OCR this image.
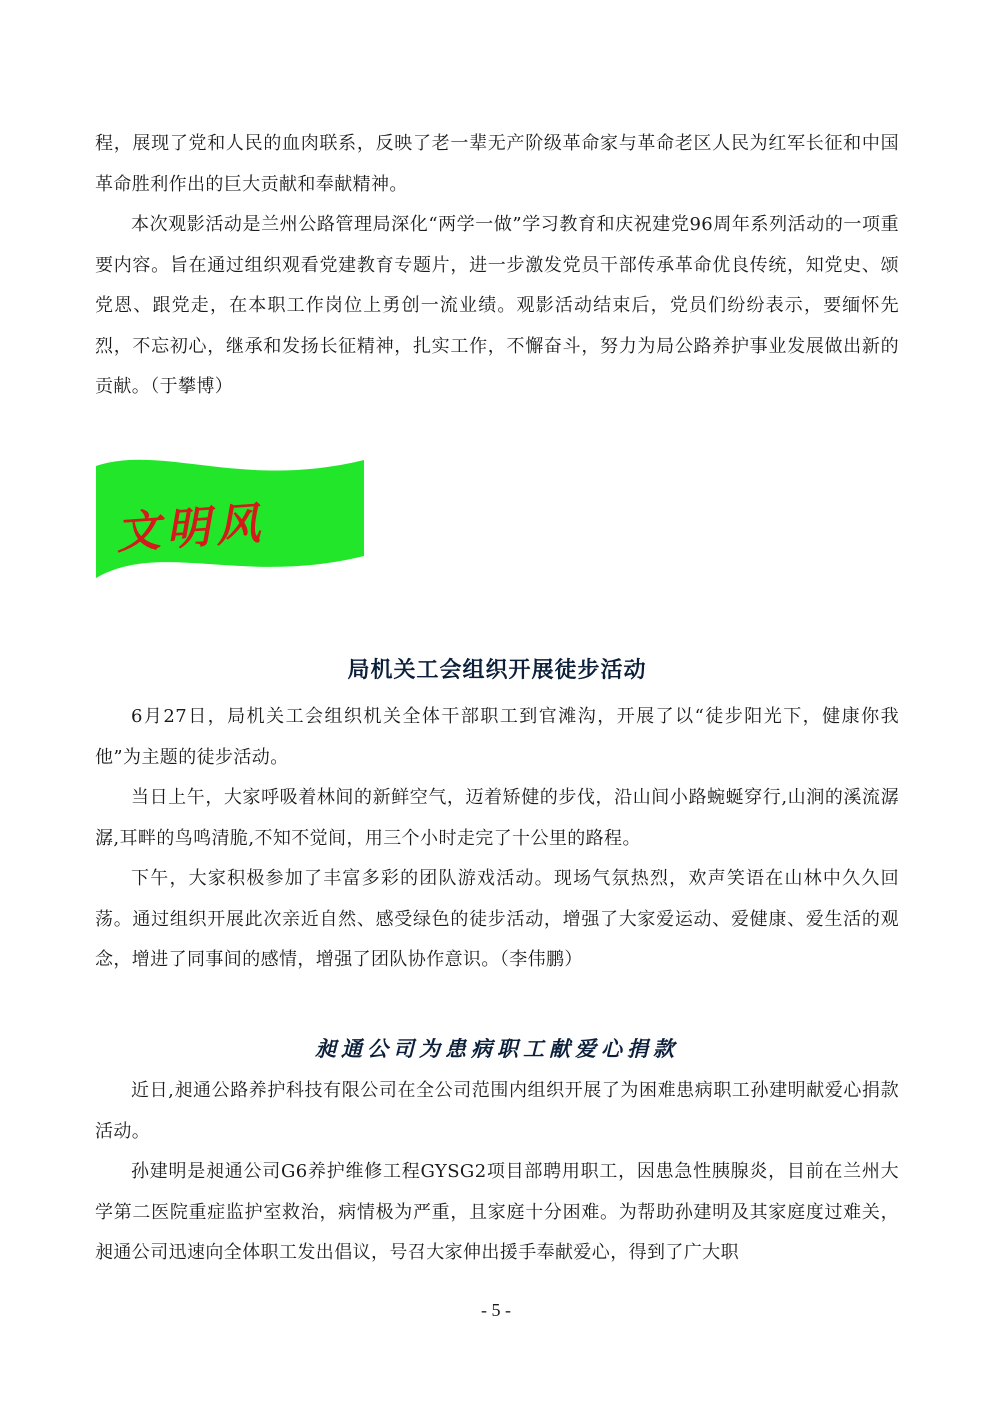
程，展现了党和人民的血肉联系，反映了老一辈无产阶级革命家与革命老区人民为红军长征和中国革命胜利作出的巨大贡献和奉献精神。

本次观影活动是兰州公路管理局深化“两学一做”学习教育和庆祝建党96周年系列活动的一项重要内容。旨在通过组织观看党建教育专题片，进一步激发党员干部传承革命优良传统，知党史、颂党恩、跟党走，在本职工作岗位上勇创一流业绩。观影活动结束后，党员们纷纷表示，要缅怀先烈，不忘初心，继承和发扬长征精神，扎实工作，不懈奋斗，努力为局公路养护事业发展做出新的贡献。（于攀博）

文明风
局机关工会组织开展徒步活动

6月27日，局机关工会组织机关全体干部职工到官滩沟，开展了以“徒步阳光下，健康你我他”为主题的徒步活动。

当日上午，大家呼吸着林间的新鲜空气，迈着矫健的步伐，沿山间小路蜿蜒穿行,山涧的溪流潺潺,耳畔的鸟鸣清脆,不知不觉间，用三个小时走完了十公里的路程。

下午，大家积极参加了丰富多彩的团队游戏活动。现场气氛热烈，欢声笑语在山林中久久回荡。通过组织开展此次亲近自然、感受绿色的徒步活动，增强了大家爱运动、爱健康、爱生活的观念，增进了同事间的感情，增强了团队协作意识。（李伟鹏）

昶通公司为患病职工献爱心捐款

近日,昶通公路养护科技有限公司在全公司范围内组织开展了为困难患病职工孙建明献爱心捐款活动。

孙建明是昶通公司G6养护维修工程GYSG2项目部聘用职工，因患急性胰腺炎，目前在兰州大学第二医院重症监护室救治，病情极为严重，且家庭十分困难。为帮助孙建明及其家庭度过难关，昶通公司迅速向全体职工发出倡议，号召大家伸出援手奉献爱心，得到了广大职

- 5 -
